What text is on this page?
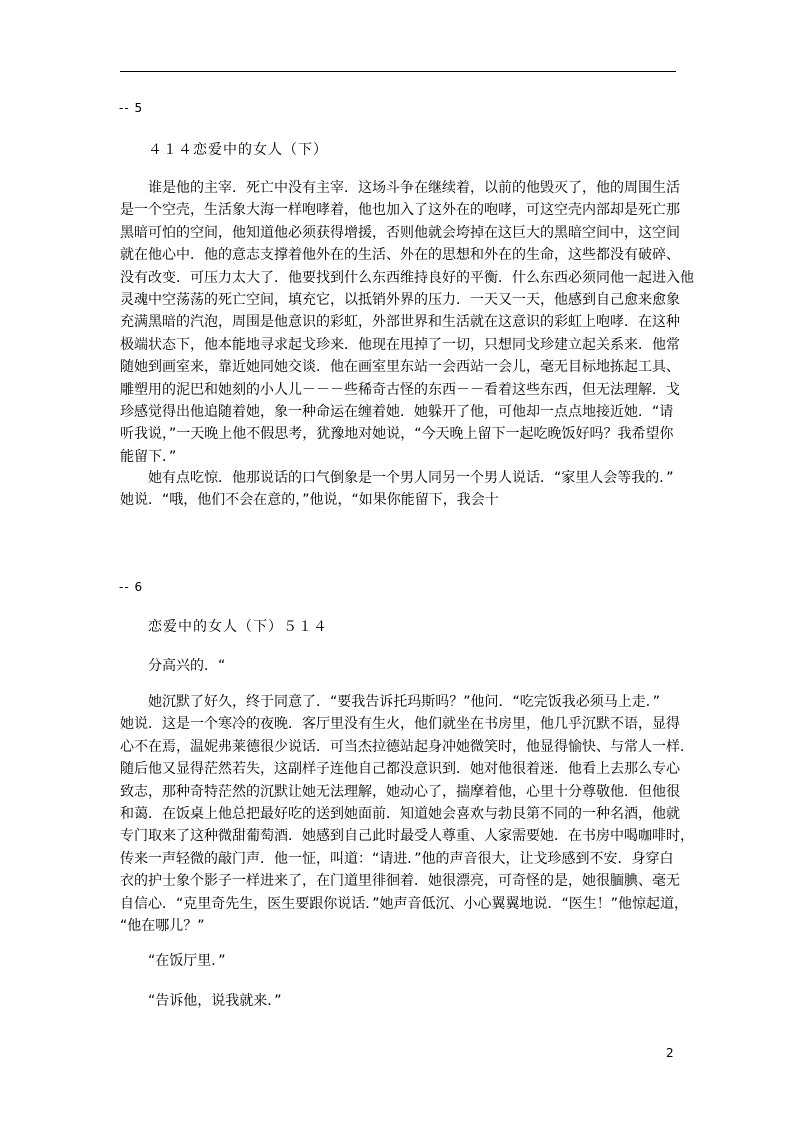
-- 5
４１４恋爱中的女人（下）
　　谁是他的主宰．死亡中没有主宰．这场斗争在继续着，以前的他毁灭了，他的周围生活
是一个空壳，生活象大海一样咆哮着，他也加入了这外在的咆哮，可这空壳内部却是死亡那
黑暗可怕的空间，他知道他必须获得增援，否则他就会垮掉在这巨大的黑暗空间中，这空间
就在他心中．他的意志支撑着他外在的生活、外在的思想和外在的生命，这些都没有破碎、
没有改变．可压力太大了．他要找到什么东西维持良好的平衡．什么东西必须同他一起进入他
灵魂中空荡荡的死亡空间，填充它，以抵销外界的压力．一天又一天，他感到自己愈来愈象
充满黑暗的汽泡，周围是他意识的彩虹，外部世界和生活就在这意识的彩虹上咆哮．在这种
极端状态下，他本能地寻求起戈珍来．他现在甩掉了一切，只想同戈珍建立起关系来．他常
随她到画室来，靠近她同她交谈．他在画室里东站一会西站一会儿，毫无目标地拣起工具、
雕塑用的泥巴和她刻的小人儿－－－些稀奇古怪的东西－－看着这些东西，但无法理解．戈
珍感觉得出他追随着她，象一种命运在缠着她．她躲开了他，可他却一点点地接近她．“请
听我说，”一天晚上他不假思考，犹豫地对她说，“今天晚上留下一起吃晚饭好吗？我希望你
能留下．”
　　她有点吃惊．他那说话的口气倒象是一个男人同另一个男人说话．“家里人会等我的．”
她说．“哦，他们不会在意的，”他说，“如果你能留下，我会十
-- 6
恋爱中的女人（下）５１４
　　分高兴的．“
　　她沉默了好久，终于同意了．“要我告诉托玛斯吗？”他问．“吃完饭我必须马上走．”
她说．这是一个寒冷的夜晚．客厅里没有生火，他们就坐在书房里，他几乎沉默不语，显得
心不在焉，温妮弗莱德很少说话．可当杰拉德站起身冲她微笑时，他显得愉快、与常人一样．
随后他又显得茫然若失，这副样子连他自己都没意识到．她对他很着迷．他看上去那么专心
致志，那种奇特茫然的沉默让她无法理解，她动心了，揣摩着他，心里十分尊敬他．但他很
和蔼．在饭桌上他总把最好吃的送到她面前．知道她会喜欢与勃艮第不同的一种名酒，他就
专门取来了这种微甜葡萄酒．她感到自己此时最受人尊重、人家需要她．在书房中喝咖啡时，
传来一声轻微的敲门声．他一怔，叫道：“请进．”他的声音很大，让戈珍感到不安．身穿白
衣的护士象个影子一样进来了，在门道里徘徊着．她很漂亮，可奇怪的是，她很腼腆、毫无
自信心．“克里奇先生，医生要跟你说话．”她声音低沉、小心翼翼地说．“医生！”他惊起道，
“他在哪儿？”
　　“在饭厅里．”
　　“告诉他，说我就来．”
2
